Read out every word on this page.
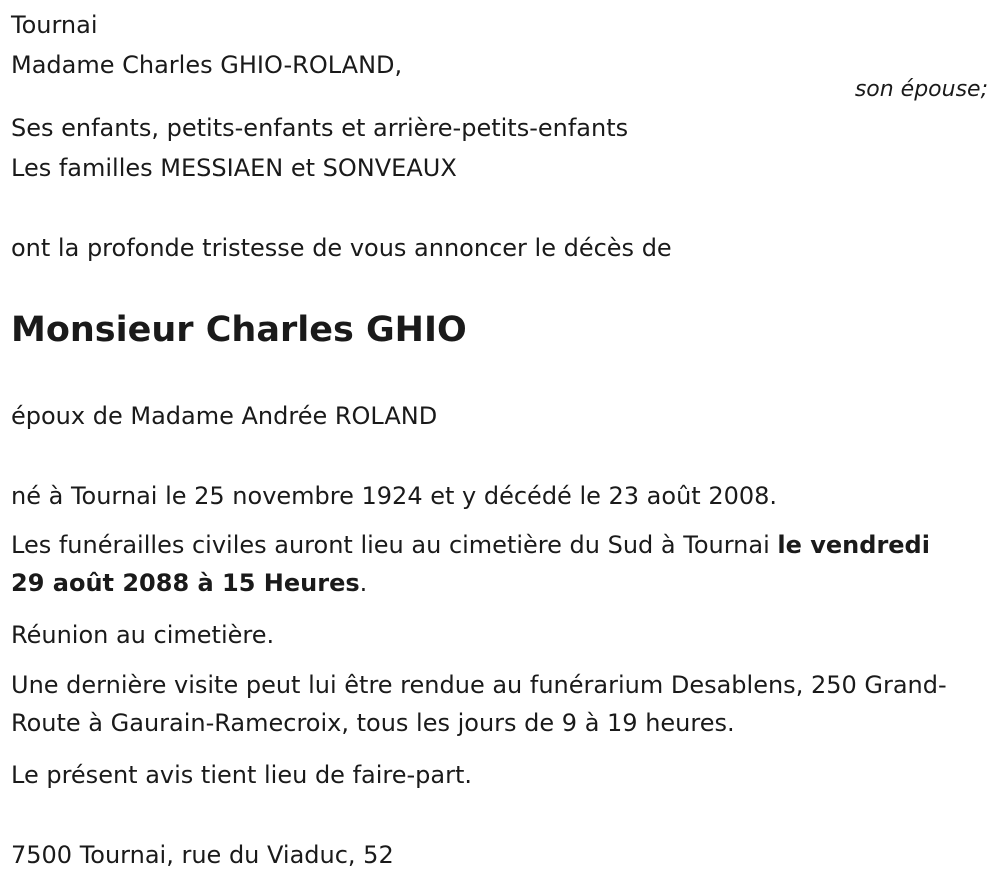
Tournai

Madame Charles GHIO-ROLAND,

son épouse;

Ses enfants, petits-enfants et arrière-petits-enfants

Les familles MESSIAEN et SONVEAUX

ont la profonde tristesse de vous annoncer le décès de

Monsieur Charles GHIO

époux de Madame Andrée ROLAND

né à Tournai le 25 novembre 1924 et y décédé le 23 août 2008.

Les funérailles civiles auront lieu au cimetière du Sud à Tournai le vendredi 29 août 2088 à 15 Heures.

Réunion au cimetière.

Une dernière visite peut lui être rendue au funérarium Desablens, 250 Grand-Route à Gaurain-Ramecroix, tous les jours de 9 à 19 heures.

Le présent avis tient lieu de faire-part.

7500 Tournai, rue du Viaduc, 52
